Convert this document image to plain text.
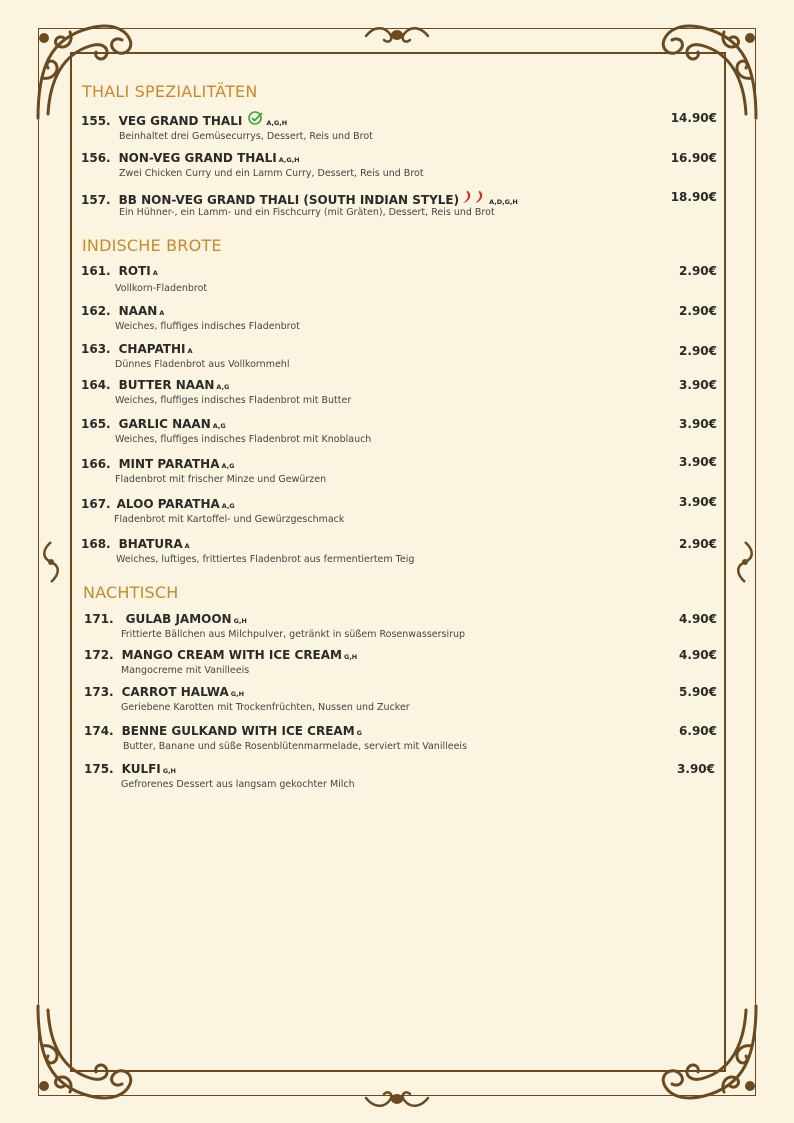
THALI SPEZIALITÄTEN
155. VEG GRAND THALI	A,G,H	14.90€
Beinhaltet drei Gemüsecurrys, Dessert, Reis und Brot
156. NON-VEG GRAND THALI A,G,H	16.90€
Zwei Chicken Curry und ein Lamm Curry, Dessert, Reis und Brot
157. BB NON-VEG GRAND THALI (SOUTH INDIAN STYLE)	A,D,G,H	18.90€
Ein Hühner-, ein Lamm- und ein Fischcurry (mit Gräten), Dessert, Reis und Brot
INDISCHE BROTE
161. ROTI A	2.90€
Vollkorn-Fladenbrot
162. NAAN A	2.90€
Weiches, fluffiges indisches Fladenbrot
163. CHAPATHI A	2.90€
Dünnes Fladenbrot aus Vollkornmehl
164. BUTTER NAAN A,G	3.90€
Weiches, fluffiges indisches Fladenbrot mit Butter
165. GARLIC NAAN A,G	3.90€
Weiches, fluffiges indisches Fladenbrot mit Knoblauch
166. MINT PARATHA A,G	3.90€
Fladenbrot mit frischer Minze und Gewürzen
167. ALOO PARATHA A,G	3.90€
Fladenbrot mit Kartoffel- und Gewürzgeschmack
168. BHATURA A	2.90€
Weiches, luftiges, frittiertes Fladenbrot aus fermentiertem Teig
NACHTISCH
171. GULAB JAMOON G,H	4.90€
Frittierte Bällchen aus Milchpulver, getränkt in süßem Rosenwassersirup
172. MANGO CREAM WITH ICE CREAM G,H	4.90€
Mangocreme mit Vanilleeis
173. CARROT HALWA G,H	5.90€
Geriebene Karotten mit Trockenfrüchten, Nussen und Zucker
174. BENNE GULKAND WITH ICE CREAM G	6.90€
Butter, Banane und süße Rosenblütenmarmelade, serviert mit Vanilleeis
175. KULFI G,H	3.90€
Gefrorenes Dessert aus langsam gekochter Milch
